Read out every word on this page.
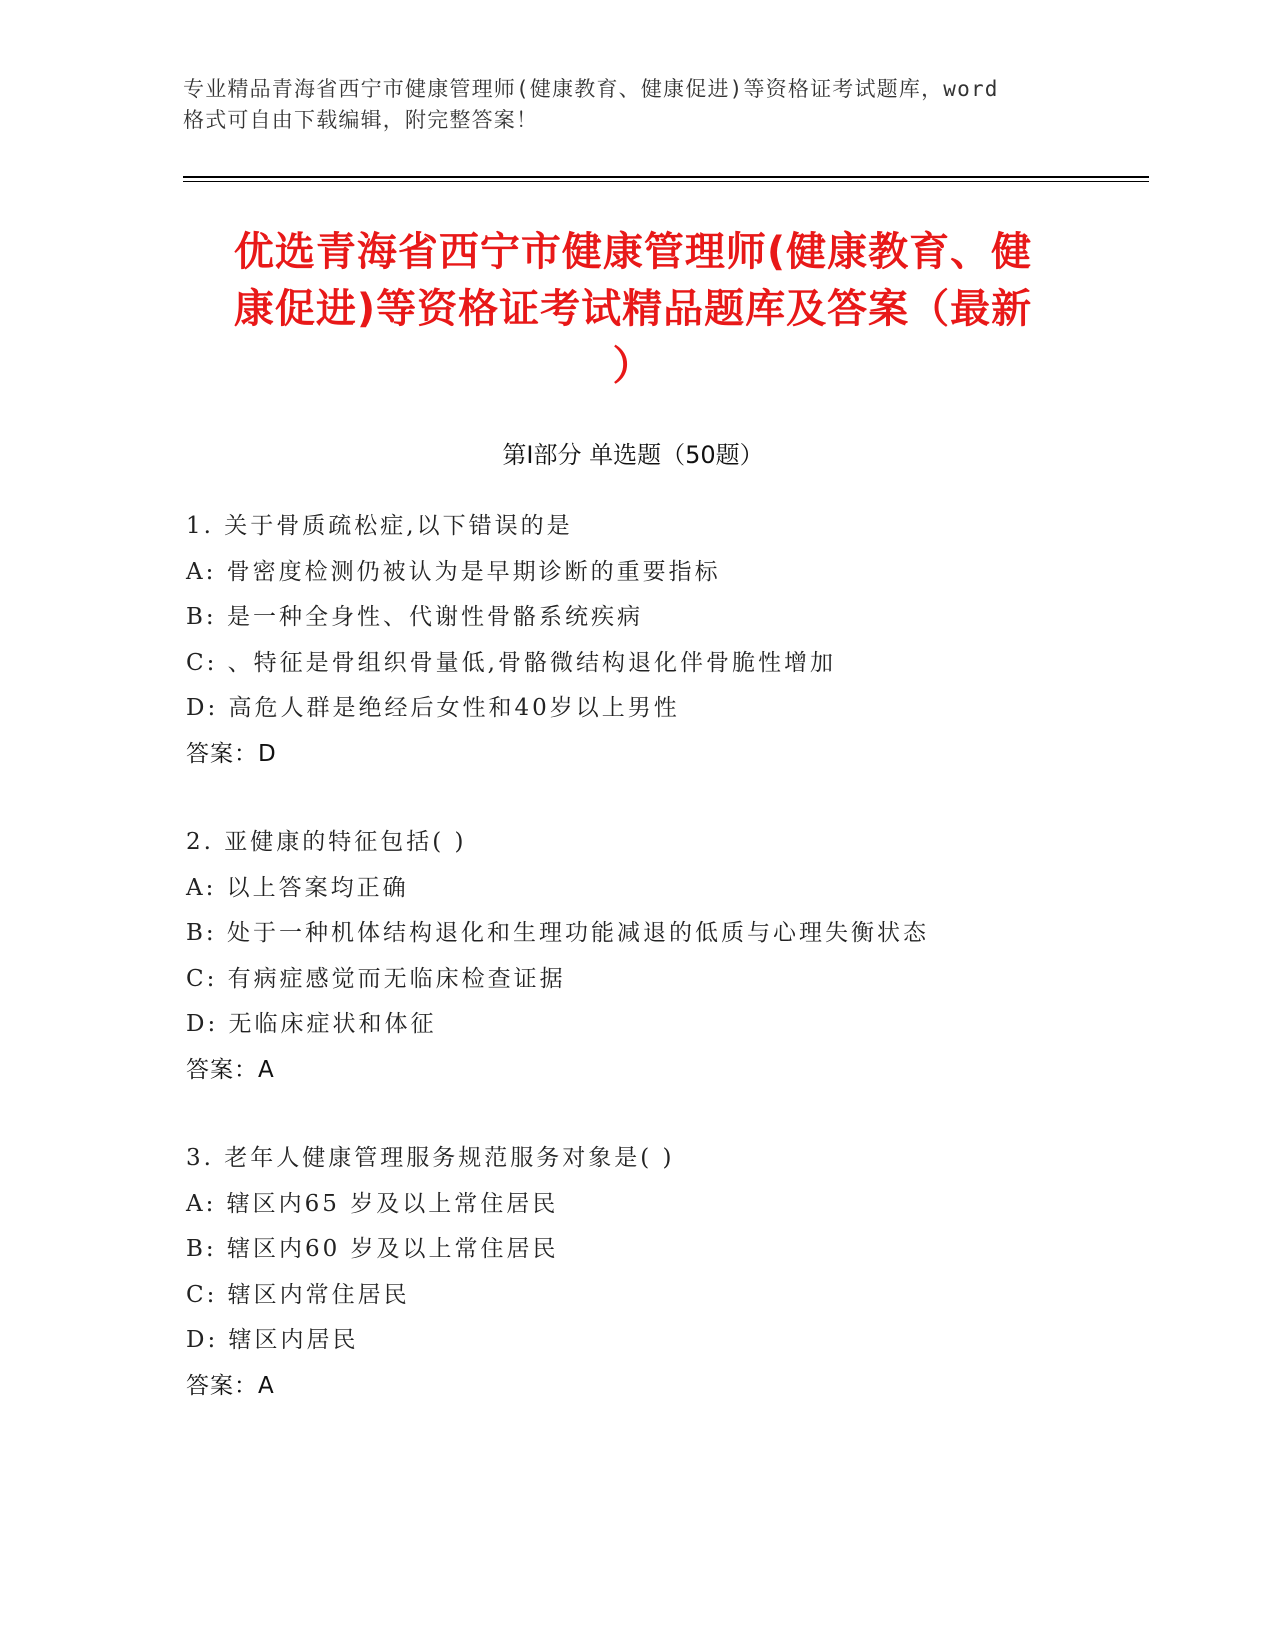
专业精品青海省西宁市健康管理师(健康教育、健康促进)等资格证考试题库，word
格式可自由下载编辑，附完整答案！
优选青海省西宁市健康管理师(健康教育、健
康促进)等资格证考试精品题库及答案（最新
）
第Ⅰ部分 单选题（50题）
1. 关于骨质疏松症,以下错误的是
A: 骨密度检测仍被认为是早期诊断的重要指标
B: 是一种全身性、代谢性骨骼系统疾病
C: 、特征是骨组织骨量低,骨骼微结构退化伴骨脆性增加
D: 高危人群是绝经后女性和40岁以上男性
答案：D
2. 亚健康的特征包括( )
A: 以上答案均正确
B: 处于一种机体结构退化和生理功能减退的低质与心理失衡状态
C: 有病症感觉而无临床检查证据
D: 无临床症状和体征
答案：A
3. 老年人健康管理服务规范服务对象是( )
A: 辖区内65 岁及以上常住居民
B: 辖区内60 岁及以上常住居民
C: 辖区内常住居民
D: 辖区内居民
答案：A
